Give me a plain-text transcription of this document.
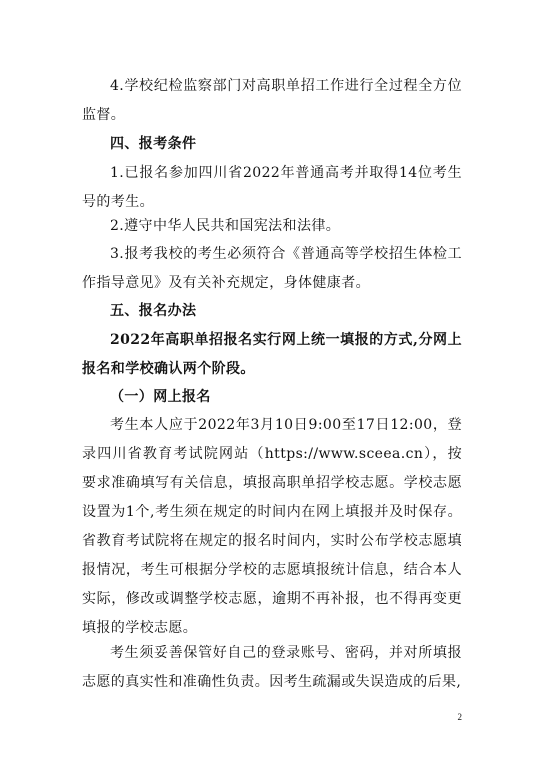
4.学校纪检监察部门对高职单招工作进行全过程全方位监督。

四、报考条件

1.已报名参加四川省2022年普通高考并取得14位考生号的考生。

2.遵守中华人民共和国宪法和法律。

3.报考我校的考生必须符合《普通高等学校招生体检工作指导意见》及有关补充规定，身体健康者。

五、报名办法

2022年高职单招报名实行网上统一填报的方式,分网上报名和学校确认两个阶段。

（一）网上报名

考生本人应于2022年3月10日9:00至17日12:00，登录四川省教育考试院网站（https://www.sceea.cn），按要求准确填写有关信息，填报高职单招学校志愿。学校志愿设置为1个,考生须在规定的时间内在网上填报并及时保存。省教育考试院将在规定的报名时间内，实时公布学校志愿填报情况，考生可根据分学校的志愿填报统计信息，结合本人实际，修改或调整学校志愿，逾期不再补报，也不得再变更填报的学校志愿。

考生须妥善保管好自己的登录账号、密码，并对所填报志愿的真实性和准确性负责。因考生疏漏或失误造成的后果,

2
